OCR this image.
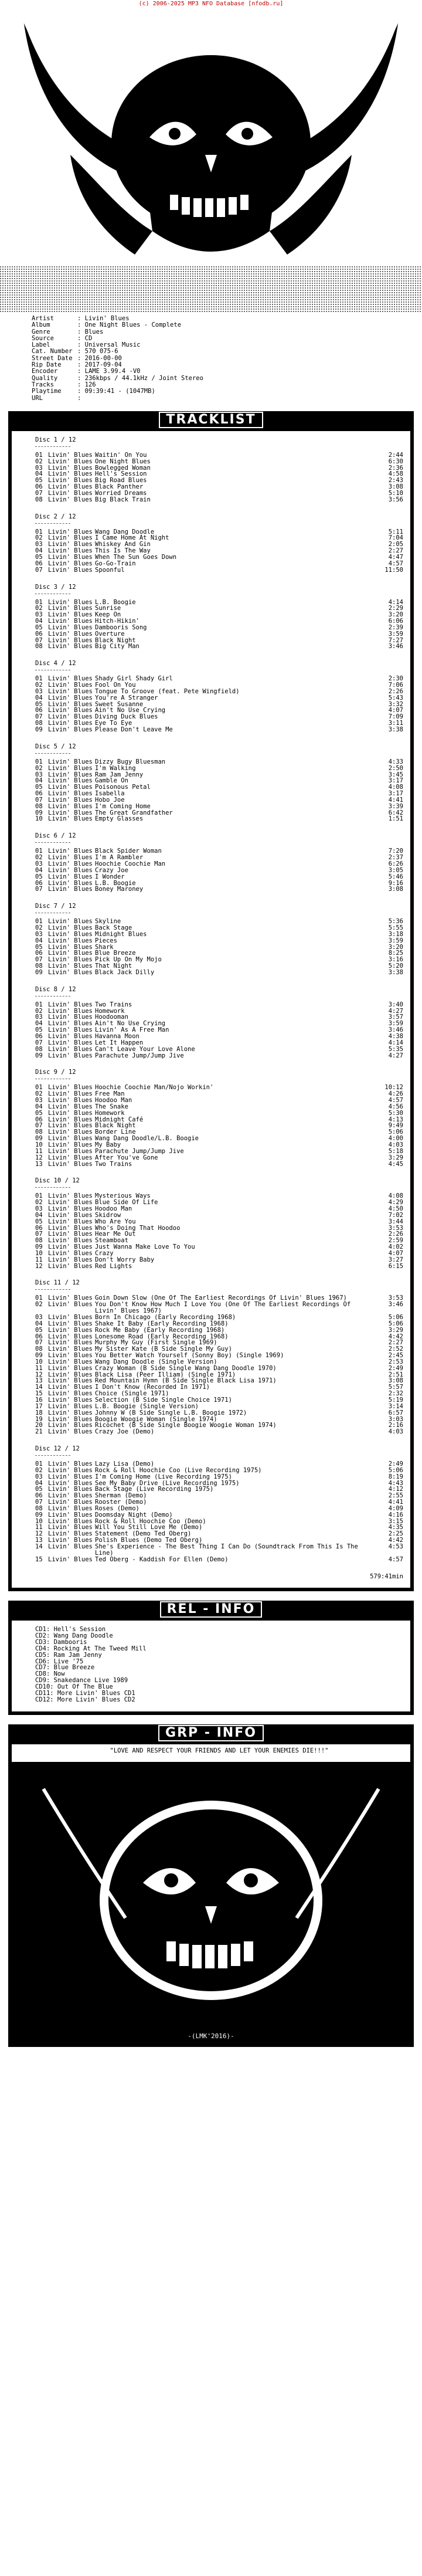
(c) 2006-2025 MP3 NFO Database [nfodb.ru]
Artist	: Livin' Blues
Album	: One Night Blues - Complete
Genre	: Blues
Source	: CD
Label	: Universal Music
Cat. Number : 570 075-6
Street Date : 2016-00-00
Rip Date	: 2017-09-04
Encoder	: LAME 3.99.4 -V0
Quality	: 236kbps / 44.1kHz / Joint Stereo
Tracks	: 126
Playtime	: 09:39:41 - (1047MB)
URL	:
TRACKLIST
Disc 1 / 12
01 Livin' Blues Waitin' On You	2:44
02 Livin' Blues One Night Blues	6:30
03 Livin' Blues Bowlegged Woman	2:36
04 Livin' Blues Hell's Session	4:58
05 Livin' Blues Big Road Blues	2:43
06 Livin' Blues Black Panther	3:08
07 Livin' Blues Worried Dreams	5:10
08 Livin' Blues Big Black Train	3:56
Disc 2 / 12
01 Livin' Blues Wang Dang Doodle	5:11
02 Livin' Blues I Came Home At Night	7:04
03 Livin' Blues Whiskey And Gin	2:05
04 Livin' Blues This Is The Way	2:27
05 Livin' Blues When The Sun Goes Down	4:47
06 Livin' Blues Go-Go-Train	4:57
07 Livin' Blues Spoonful	11:50
Disc 3 / 12
01 Livin' Blues L.B. Boogie	4:14
02 Livin' Blues Sunrise	2:29
03 Livin' Blues Keep On	3:20
04 Livin' Blues Hitch-Hikin'	6:06
05 Livin' Blues Dambooris Song	2:39
06 Livin' Blues Overture	3:59
07 Livin' Blues Black Night	7:27
08 Livin' Blues Big City Man	3:46
Disc 4 / 12
01 Livin' Blues Shady Girl Shady Girl	2:30
02 Livin' Blues Fool On You	7:06
03 Livin' Blues Tongue To Groove (feat. Pete Wingfield)	2:26
04 Livin' Blues You're A Stranger	5:43
05 Livin' Blues Sweet Susanne	3:32
06 Livin' Blues Ain't No Use Crying	4:07
07 Livin' Blues Diving Duck Blues	7:09
08 Livin' Blues Eye To Eye	3:11
09 Livin' Blues Please Don't Leave Me	3:38
Disc 5 / 12
01 Livin' Blues Dizzy Bugy Bluesman	4:33
02 Livin' Blues I'm Walking	2:50
03 Livin' Blues Ram Jam Jenny	3:45
04 Livin' Blues Gamble On	3:17
05 Livin' Blues Poisonous Petal	4:08
06 Livin' Blues Isabella	3:17
07 Livin' Blues Hobo Joe	4:41
08 Livin' Blues I'm Coming Home	3:39
09 Livin' Blues The Great Grandfather	6:42
10 Livin' Blues Empty Glasses	1:51
Disc 6 / 12
01 Livin' Blues Black Spider Woman	7:20
02 Livin' Blues I'm A Rambler	2:37
03 Livin' Blues Hoochie Coochie Man	6:26
04 Livin' Blues Crazy Joe	3:05
05 Livin' Blues I Wonder	5:46
06 Livin' Blues L.B. Boogie	9:16
07 Livin' Blues Boney Maroney	3:08
Disc 7 / 12
01 Livin' Blues Skyline	5:36
02 Livin' Blues Back Stage	5:55
03 Livin' Blues Midnight Blues	3:18
04 Livin' Blues Pieces	3:59
05 Livin' Blues Shark	3:20
06 Livin' Blues Blue Breeze	8:25
07 Livin' Blues Pick Up On My Mojo	3:16
08 Livin' Blues That Night	5:20
09 Livin' Blues Black Jack Dilly	3:38
Disc 8 / 12
01 Livin' Blues Two Trains	3:40
02 Livin' Blues Homework	4:27
03 Livin' Blues Hoodooman	3:57
04 Livin' Blues Ain't No Use Crying	3:59
05 Livin' Blues Livin' As A Free Man	3:46
06 Livin' Blues Havanna Moon	4:38
07 Livin' Blues Let It Happen	4:14
08 Livin' Blues Can't Leave Your Love Alone	5:35
09 Livin' Blues Parachute Jump/Jump Jive	4:27
Disc 9 / 12
01 Livin' Blues Hoochie Coochie Man/Nojo Workin'	10:12
02 Livin' Blues Free Man	4:26
03 Livin' Blues Hoodoo Man	4:57
04 Livin' Blues The Snake	4:56
05 Livin' Blues Homework	5:30
06 Livin' Blues Midnight Café	4:13
07 Livin' Blues Black Night	9:49
08 Livin' Blues Border Line	5:06
09 Livin' Blues Wang Dang Doodle/L.B. Boogie	4:00
10 Livin' Blues My Baby	4:03
11 Livin' Blues Parachute Jump/Jump Jive	5:18
12 Livin' Blues After You've Gone	3:29
13 Livin' Blues Two Trains	4:45
Disc 10 / 12
01 Livin' Blues Mysterious Ways	4:08
02 Livin' Blues Blue Side Of Life	4:29
03 Livin' Blues Hoodoo Man	4:50
04 Livin' Blues Skidrow	7:02
05 Livin' Blues Who Are You	3:44
06 Livin' Blues Who's Doing That Hoodoo	3:53
07 Livin' Blues Hear Me Out	2:26
08 Livin' Blues Steamboat	2:59
09 Livin' Blues Just Wanna Make Love To You	4:02
10 Livin' Blues Crazy	4:07
11 Livin' Blues Don't Worry Baby	3:27
12 Livin' Blues Red Lights	6:15
Disc 11 / 12
01 Livin' Blues Goin Down Slow (One Of The Earliest Recordings Of Livin' Blues 1967)	3:53
02 Livin' Blues You Don't Know How Much I Love You (One Of The Earliest Recordings Of Livin' Blues 1967)
3:46
03 Livin' Blues Born In Chicago (Early Recording 1968)	5:06
04 Livin' Blues Shake It Baby (Early Recording 1968)	5:06
05 Livin' Blues Rock Me Baby (Early Recording 1968)	3:29
06 Livin' Blues Lonesome Road (Early Recording 1968)	4:42
07 Livin' Blues Murphy My Guy (First Single 1969)	2:27
08 Livin' Blues My Sister Kate (B Side Single My Guy)	2:52
09 Livin' Blues You Better Watch Yourself (Sonny Boy) (Single 1969)	2:45
10 Livin' Blues Wang Dang Doodle (Single Version)	2:53
11 Livin' Blues Crazy Woman (B Side Single Wang Dang Doodle 1970)	2:49
12 Livin' Blues Black Lisa (Peer Illiam) (Single 1971)	2:51
13 Livin' Blues Red Mountain Hymn (B Side Single Black Lisa 1971)	3:08
14 Livin' Blues I Don't Know (Recorded In 1971)	5:57
15 Livin' Blues Choice (Single 1971)	2:32
16 Livin' Blues Selection (B Side Single Choice 1971)	5:19
17 Livin' Blues L.B. Boogie (Single Version)	3:14
18 Livin' Blues Johnny W (B Side Single L.B. Boogie 1972)	6:57
19 Livin' Blues Boogie Woogie Woman (Single 1974)	3:03
20 Livin' Blues Ricochet (B Side Single Boogie Woogie Woman 1974)	2:16
21 Livin' Blues Crazy Joe (Demo)	4:03
Disc 12 / 12
01 Livin' Blues Lazy Lisa (Demo)	2:49
02 Livin' Blues Rock & Roll Hoochie Coo (Live Recording 1975)	5:06
03 Livin' Blues I'm Coming Home (Live Recording 1975)	8:19
04 Livin' Blues See My Baby Drive (Live Recording 1975)	4:43
05 Livin' Blues Back Stage (Live Recording 1975)	4:12
06 Livin' Blues Sherman (Demo)	2:55
07 Livin' Blues Rooster (Demo)	4:41
08 Livin' Blues Roses (Demo)	4:09
09 Livin' Blues Doomsday Night (Demo)	4:16
10 Livin' Blues Rock & Roll Hoochie Coo (Demo)	3:15
11 Livin' Blues Will You Still Love Me (Demo)	4:35
12 Livin' Blues Statement (Demo Ted Oberg)	2:25
13 Livin' Blues Polish Blues (Demo Ted Oberg)	4:42
14 Livin' Blues She's Experience - The Best Thing I Can Do (Soundtrack From This Is The Line)
4:53
15 Livin' Blues Ted Oberg - Kaddish For Ellen (Demo)	4:57
579:41min
REL - INFO
CD1: Hell's Session
CD2: Wang Dang Doodle
CD3: Dambooris
CD4: Rocking At The Tweed Mill
CD5: Ram Jam Jenny
CD6: Live '75
CD7: Blue Breeze
CD8: Now
CD9: Snakedance Live 1989
CD10: Out Of The Blue
CD11: More Livin' Blues CD1
CD12: More Livin' Blues CD2
GRP - INFO
"LOVE AND RESPECT YOUR FRIENDS AND LET YOUR ENEMIES DIE!!!"
-(LMK'2016)-
